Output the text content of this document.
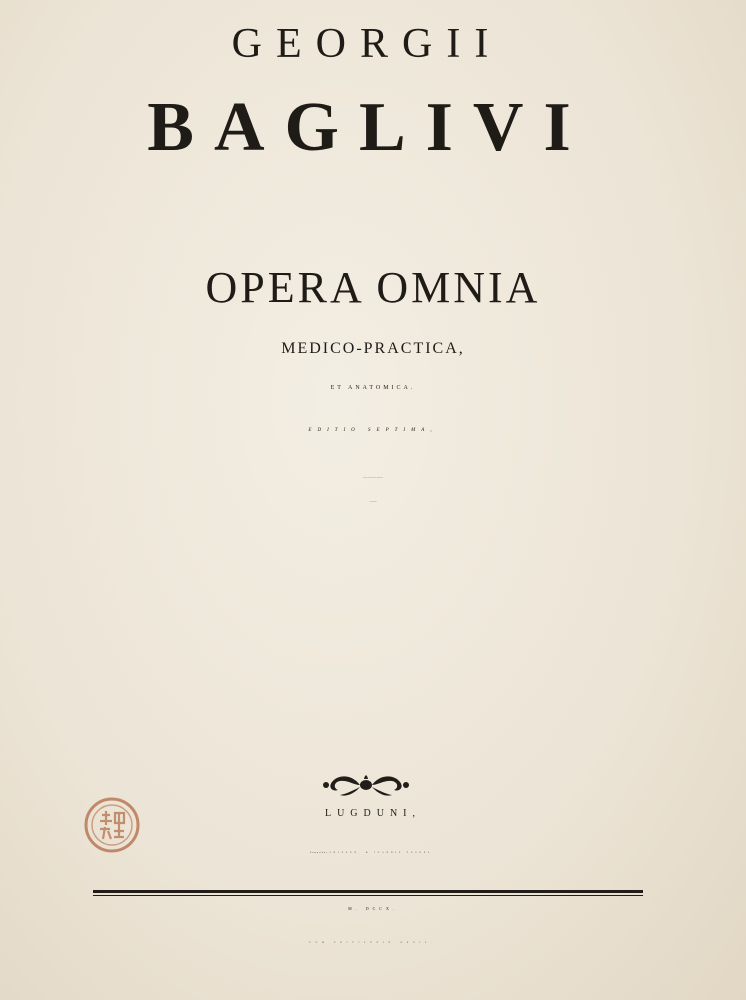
GEORGII
BAGLIVI
OPERA OMNIA
MEDICO-PRACTICA,
ET ANATOMICA.
EDITIO SEPTIMA,
Cui præter Dissertationes, & alios Tractatus sextæ
Editioni adjunctos
LUGDUNI,
Sumptibus ANISSON, & JOANNIS POSUEL.
M. DCCX.
CUM PRIVILEGIO REGIS.
